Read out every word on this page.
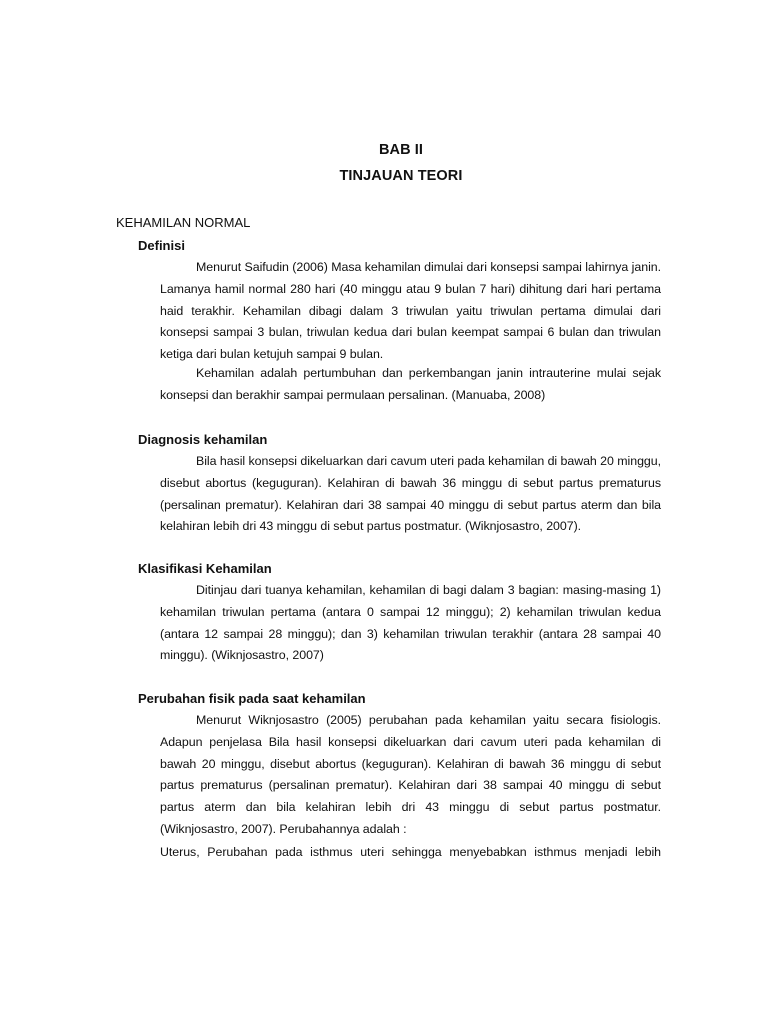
BAB II
TINJAUAN TEORI
KEHAMILAN NORMAL
Definisi
Menurut Saifudin (2006) Masa kehamilan dimulai dari konsepsi sampai lahirnya janin. Lamanya hamil normal 280 hari (40 minggu atau 9 bulan 7 hari) dihitung dari hari pertama haid terakhir. Kehamilan dibagi dalam 3 triwulan yaitu triwulan pertama dimulai dari konsepsi sampai 3 bulan, triwulan kedua dari bulan keempat sampai 6 bulan dan triwulan ketiga dari bulan ketujuh sampai 9 bulan.
Kehamilan adalah pertumbuhan dan perkembangan janin intrauterine mulai sejak konsepsi dan berakhir sampai permulaan persalinan. (Manuaba, 2008)
Diagnosis kehamilan
Bila hasil konsepsi dikeluarkan dari cavum uteri pada kehamilan di bawah 20 minggu, disebut abortus (keguguran). Kelahiran di bawah 36 minggu di sebut partus prematurus (persalinan prematur). Kelahiran dari 38 sampai 40 minggu di sebut partus aterm dan bila kelahiran lebih dri 43 minggu di sebut partus postmatur. (Wiknjosastro, 2007).
Klasifikasi Kehamilan
Ditinjau dari tuanya kehamilan, kehamilan di bagi dalam 3 bagian: masing-masing 1) kehamilan triwulan pertama (antara 0 sampai 12 minggu); 2) kehamilan triwulan kedua (antara 12 sampai 28 minggu); dan 3) kehamilan triwulan terakhir (antara 28 sampai 40 minggu). (Wiknjosastro, 2007)
Perubahan fisik pada saat kehamilan
Menurut Wiknjosastro (2005) perubahan pada kehamilan yaitu secara fisiologis. Adapun penjelasa Bila hasil konsepsi dikeluarkan dari cavum uteri pada kehamilan di bawah 20 minggu, disebut abortus (keguguran). Kelahiran di bawah 36 minggu di sebut partus prematurus (persalinan prematur). Kelahiran dari 38 sampai 40 minggu di sebut partus aterm dan bila kelahiran lebih dri 43 minggu di sebut partus postmatur. (Wiknjosastro, 2007). Perubahannya adalah :
Uterus, Perubahan pada isthmus uteri sehingga menyebabkan isthmus menjadi lebih
